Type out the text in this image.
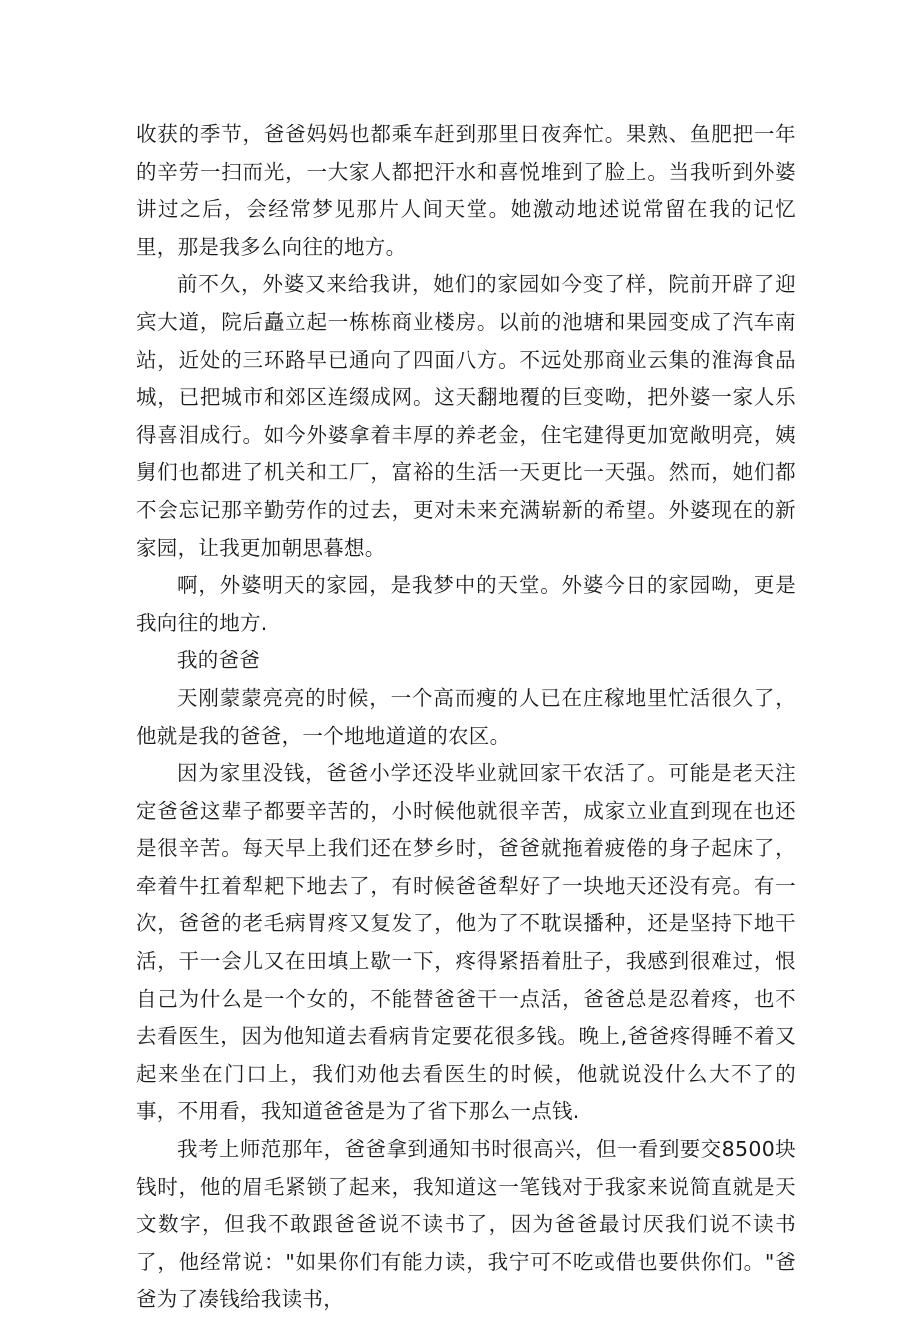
收获的季节，爸爸妈妈也都乘车赶到那里日夜奔忙。果熟、鱼肥把一年的辛劳一扫而光，一大家人都把汗水和喜悦堆到了脸上。当我听到外婆讲过之后，会经常梦见那片人间天堂。她激动地述说常留在我的记忆里，那是我多么向往的地方。

前不久，外婆又来给我讲，她们的家园如今变了样，院前开辟了迎宾大道，院后矗立起一栋栋商业楼房。以前的池塘和果园变成了汽车南站，近处的三环路早已通向了四面八方。不远处那商业云集的淮海食品城，已把城市和郊区连缀成网。这天翻地覆的巨变呦，把外婆一家人乐得喜泪成行。如今外婆拿着丰厚的养老金，住宅建得更加宽敞明亮，姨舅们也都进了机关和工厂，富裕的生活一天更比一天强。然而，她们都不会忘记那辛勤劳作的过去，更对未来充满崭新的希望。外婆现在的新家园，让我更加朝思暮想。

啊，外婆明天的家园，是我梦中的天堂。外婆今日的家园呦，更是我向往的地方.

我的爸爸

天刚蒙蒙亮亮的时候，一个高而瘦的人已在庄稼地里忙活很久了，他就是我的爸爸，一个地地道道的农区。

因为家里没钱，爸爸小学还没毕业就回家干农活了。可能是老天注定爸爸这辈子都要辛苦的，小时候他就很辛苦，成家立业直到现在也还是很辛苦。每天早上我们还在梦乡时，爸爸就拖着疲倦的身子起床了，牵着牛扛着犁耙下地去了，有时候爸爸犁好了一块地天还没有亮。有一次，爸爸的老毛病胃疼又复发了，他为了不耽误播种，还是坚持下地干活，干一会儿又在田填上歇一下，疼得紧捂着肚子，我感到很难过，恨自己为什么是一个女的，不能替爸爸干一点活，爸爸总是忍着疼，也不去看医生，因为他知道去看病肯定要花很多钱。晚上,爸爸疼得睡不着又起来坐在门口上，我们劝他去看医生的时候，他就说没什么大不了的事，不用看，我知道爸爸是为了省下那么一点钱.

我考上师范那年，爸爸拿到通知书时很高兴，但一看到要交8500块钱时，他的眉毛紧锁了起来，我知道这一笔钱对于我家来说简直就是天文数字，但我不敢跟爸爸说不读书了，因为爸爸最讨厌我们说不读书了，他经常说："如果你们有能力读，我宁可不吃或借也要供你们。"爸爸为了凑钱给我读书，
